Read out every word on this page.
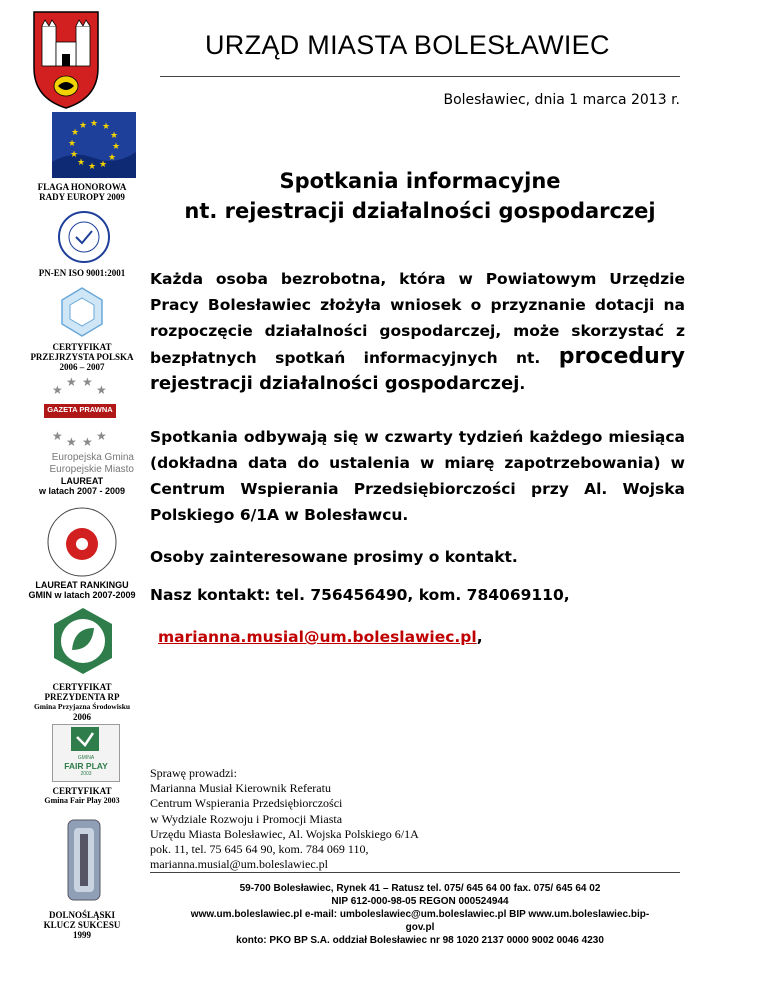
URZĄD MIASTA BOLESŁAWIEC
Bolesławiec, dnia 1 marca 2013 r.
★ ★
★
★
★
★
★
★
★
★
★
★
FLAGA HONOROWA
RADY EUROPY 2009
PN-EN ISO 9001:2001
CERTYFIKAT
PRZEJRZYSTA POLSKA
2006 – 2007
★
★ ★
★
★ ★ ★ ★
GAZETA PRAWNA
Europejska Gmina
Europejskie Miasto
LAUREAT
w latach 2007 - 2009
LAUREAT RANKINGU
GMIN w latach 2007-2009
CERTYFIKAT
PREZYDENTA RP
Gmina Przyjazna Środowisku
2006
GMINA
FAIR PLAY
2003
CERTYFIKAT
Gmina Fair Play 2003
DOLNOŚLĄSKI
KLUCZ SUKCESU
1999
Spotkania informacyjne
nt. rejestracji działalności gospodarczej
Każda osoba bezrobotna, która w Powiatowym Urzędzie Pracy Bolesławiec złożyła wniosek o przyznanie dotacji na rozpoczęcie działalności gospodarczej, może skorzystać z bezpłatnych spotkań informacyjnych nt. procedury rejestracji działalności gospodarczej.
Spotkania odbywają się w czwarty tydzień każdego miesiąca (dokładna data do ustalenia w miarę zapotrzebowania) w Centrum Wspierania Przedsiębiorczości przy Al. Wojska Polskiego 6/1A w Bolesławcu.
Osoby zainteresowane prosimy o kontakt.
Nasz kontakt: tel. 756456490, kom. 784069110,
marianna.musial@um.boleslawiec.pl,
Sprawę prowadzi:
Marianna Musiał Kierownik Referatu
Centrum Wspierania Przedsiębiorczości
w Wydziale Rozwoju i Promocji Miasta
Urzędu Miasta Bolesławiec, Al. Wojska Polskiego 6/1A
pok. 11, tel. 75 645 64 90, kom. 784 069 110,
marianna.musial@um.boleslawiec.pl
59-700 Bolesławiec, Rynek 41 – Ratusz tel. 075/ 645 64 00 fax. 075/ 645 64 02
NIP 612-000-98-05 REGON 000524944
www.um.boleslawiec.pl e-mail: umboleslawiec@um.boleslawiec.pl BIP www.um.boleslawiec.bip-
gov.pl
konto: PKO BP S.A. oddział Bolesławiec nr 98 1020 2137 0000 9002 0046 4230
